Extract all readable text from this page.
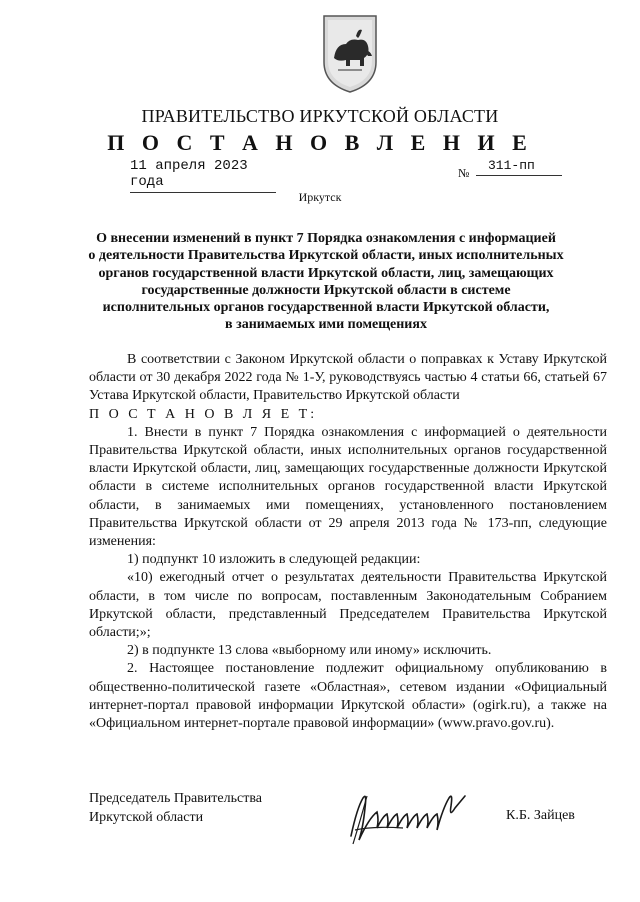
ПРАВИТЕЛЬСТВО ИРКУТСКОЙ ОБЛАСТИ
П О С Т А Н О В Л Е Н И Е
11 апреля 2023 года
№	311-пп
Иркутск
О внесении изменений в пункт 7 Порядка ознакомления с информацией
о деятельности Правительства Иркутской области, иных исполнительных
органов государственной власти Иркутской области, лиц, замещающих
государственные должности Иркутской области в системе
исполнительных органов государственной власти Иркутской области,
в занимаемых ими помещениях

В соответствии с Законом Иркутской области о поправках к Уставу Иркутской области от 30 декабря 2022 года № 1-У, руководствуясь частью 4 статьи 66, статьей 67 Устава Иркутской области, Правительство Иркутской области

П О С Т А Н О В Л Я Е Т:

1. Внести в пункт 7 Порядка ознакомления с информацией о деятельности Правительства Иркутской области, иных исполнительных органов государственной власти Иркутской области, лиц, замещающих государственные должности Иркутской области в системе исполнительных органов государственной власти Иркутской области, в занимаемых ими помещениях, установленного постановлением Правительства Иркутской области от 29 апреля 2013 года № 173-пп, следующие изменения:

1) подпункт 10 изложить в следующей редакции:

«10) ежегодный отчет о результатах деятельности Правительства Иркутской области, в том числе по вопросам, поставленным Законодательным Собранием Иркутской области, представленный Председателем Правительства Иркутской области;»;

2) в подпункте 13 слова «выборному или иному» исключить.

2. Настоящее постановление подлежит официальному опубликованию в общественно-политической газете «Областная», сетевом издании «Официальный интернет-портал правовой информации Иркутской области» (ogirk.ru), а также на «Официальном интернет-портале правовой информации» (www.pravo.gov.ru).

Председатель Правительства
Иркутской области	К.Б. Зайцев
